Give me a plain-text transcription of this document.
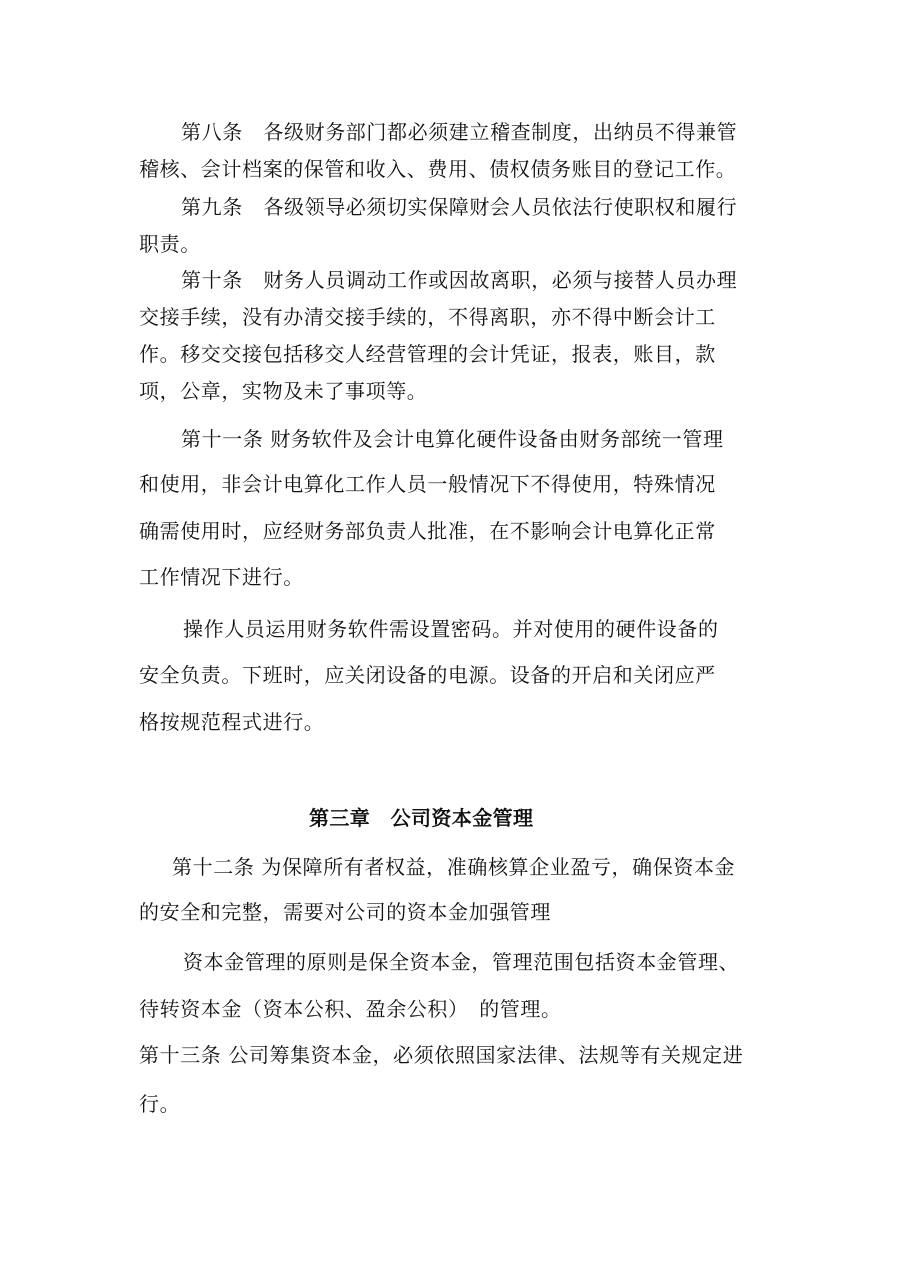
第八条　各级财务部门都必须建立稽查制度，出纳员不得兼管

稽核、会计档案的保管和收入、费用、债权债务账目的登记工作。

第九条　各级领导必须切实保障财会人员依法行使职权和履行

职责。

第十条　财务人员调动工作或因故离职，必须与接替人员办理

交接手续，没有办清交接手续的，不得离职，亦不得中断会计工

作。移交交接包括移交人经营管理的会计凭证，报表，账目，款

项，公章，实物及未了事项等。

第十一条 财务软件及会计电算化硬件设备由财务部统一管理

和使用，非会计电算化工作人员一般情况下不得使用，特殊情况

确需使用时，应经财务部负责人批准，在不影响会计电算化正常

工作情况下进行。

操作人员运用财务软件需设置密码。并对使用的硬件设备的

安全负责。下班时，应关闭设备的电源。设备的开启和关闭应严

格按规范程式进行。

第三章　公司资本金管理

第十二条 为保障所有者权益，准确核算企业盈亏，确保资本金

的安全和完整，需要对公司的资本金加强管理

资本金管理的原则是保全资本金，管理范围包括资本金管理、

待转资本金（资本公积、盈余公积）　的管理。

第十三条 公司筹集资本金，必须依照国家法律、法规等有关规定进

行。
